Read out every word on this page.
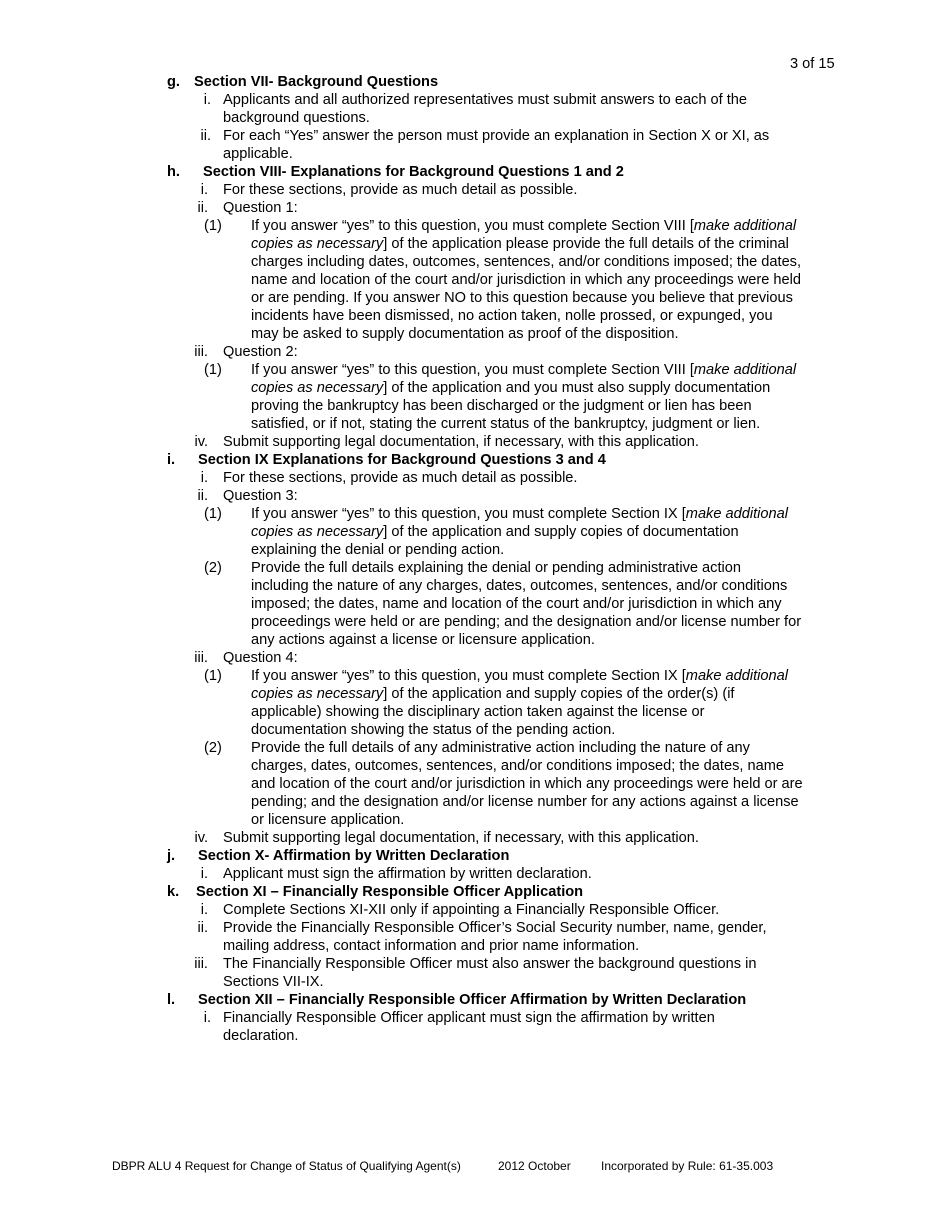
3 of 15
g. Section VII- Background Questions
i. Applicants and all authorized representatives must submit answers to each of the
background questions.
ii. For each “Yes” answer the person must provide an explanation in Section X or XI, as
applicable.
h. Section VIII- Explanations for Background Questions 1 and 2
i. For these sections, provide as much detail as possible.
ii. Question 1:
(1) If you answer “yes” to this question, you must complete Section VIII [make additional
copies as necessary] of the application please provide the full details of the criminal
charges including dates, outcomes, sentences, and/or conditions imposed; the dates,
name and location of the court and/or jurisdiction in which any proceedings were held
or are pending. If you answer NO to this question because you believe that previous
incidents have been dismissed, no action taken, nolle prossed, or expunged, you
may be asked to supply documentation as proof of the disposition.
iii. Question 2:
(1) If you answer “yes” to this question, you must complete Section VIII [make additional
copies as necessary] of the application and you must also supply documentation
proving the bankruptcy has been discharged or the judgment or lien has been
satisfied, or if not, stating the current status of the bankruptcy, judgment or lien.
iv. Submit supporting legal documentation, if necessary, with this application.
i. Section IX Explanations for Background Questions 3 and 4
i. For these sections, provide as much detail as possible.
ii. Question 3:
(1) If you answer “yes” to this question, you must complete Section IX [make additional
copies as necessary] of the application and supply copies of documentation
explaining the denial or pending action.
(2) Provide the full details explaining the denial or pending administrative action
including the nature of any charges, dates, outcomes, sentences, and/or conditions
imposed; the dates, name and location of the court and/or jurisdiction in which any
proceedings were held or are pending; and the designation and/or license number for
any actions against a license or licensure application.
iii. Question 4:
(1) If you answer “yes” to this question, you must complete Section IX [make additional
copies as necessary] of the application and supply copies of the order(s) (if
applicable) showing the disciplinary action taken against the license or
documentation showing the status of the pending action.
(2) Provide the full details of any administrative action including the nature of any
charges, dates, outcomes, sentences, and/or conditions imposed; the dates, name
and location of the court and/or jurisdiction in which any proceedings were held or are
pending; and the designation and/or license number for any actions against a license
or licensure application.
iv. Submit supporting legal documentation, if necessary, with this application.
j. Section X- Affirmation by Written Declaration
i. Applicant must sign the affirmation by written declaration.
k. Section XI – Financially Responsible Officer Application
i. Complete Sections XI-XII only if appointing a Financially Responsible Officer.
ii. Provide the Financially Responsible Officer’s Social Security number, name, gender,
mailing address, contact information and prior name information.
iii. The Financially Responsible Officer must also answer the background questions in
Sections VII-IX.
l. Section XII – Financially Responsible Officer Affirmation by Written Declaration
i. Financially Responsible Officer applicant must sign the affirmation by written
declaration.
DBPR ALU 4 Request for Change of Status of Qualifying Agent(s)	2012 October	Incorporated by Rule: 61-35.003
